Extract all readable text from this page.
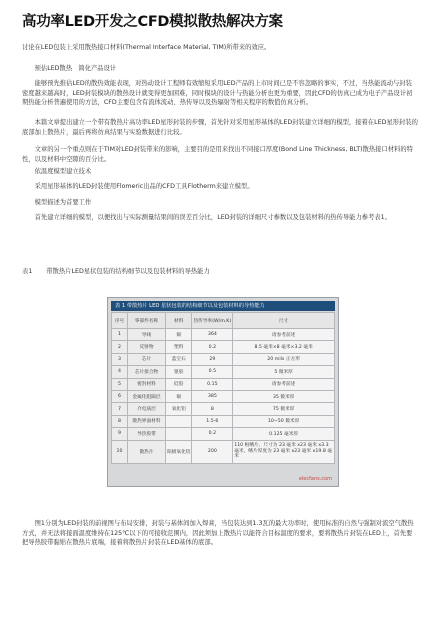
高功率LED开发之CFD模拟散热解决方案
讨论在LED包装上采用散热接口材料(Thermal Interface Material, TIM)所带来的效应。
预估LED散热　简化产品设计
能够预先推估LED的散热效能表现，对热动设计工程师有效缩短采用LED产品的上市时间已是不容忽略的事实，不过，当热能流动与封装密度越来越高时，LED封装模块的散热设计就变得更加困难，同时模块的设计与热能分析也更为重要，因此CFD的仿真已成为电子产品设计初期热能分析普遍使用的方法，CFD主要包含有流体流动、热传导以及热辐射等相关程序的数值仿真分析。
本篇文章提出建立一个带有散热片高功率LED星形封装的步骤，首先针对采用星形基体的LED封装建立详细的模型，接着在LED星形封装的底部加上散热片，最后再将仿真结果与实验数据进行比较。
文章的另一个重点则在于TIM对LED封装带来的影响，主要目的是用来找出不同接口厚度(Bond Line Thickness, BLT)散热接口材料的特性，以及材料中空隙的百分比。
依温度模型建立技术
采用星形基体的LED封装使用Flomeric出品的CFD工具Flotherm来建立模型。
模型描述为首要工作
首先建立详细的模型，以便找出与实际测量结果间的误差百分比，LED封装的详细尺寸参数以及包装材料的热传导能力参考表1。
表1 带散热片LED星状包装的结构细节以及包装材料的导热能力
表 1 带散热片 LED 星状包装的结构细节以及包装材料的导热能力
序号	零部件名称	材料	热传导率(W/m.K)	尺寸
1	导线	铜	364	请参考前述
2	反射物	塑料	0.2	8.5 毫米×8 毫米×3.2 毫米
3	芯片	蓝宝石	29	20 mils 正方形
4	芯片接合物	银胶	0.5	5 微米厚
5	密封材料	硅胶	0.15	请参考前述
6	金属化阻隔层	铜	385	35 微米厚
7	介电质层	氧化铝	8	75 微米厚
8	散热界面材料		1.5-6	10~50 微米厚
9	导热胶带		0.2	0.125 毫米厚
10	散热片	阳极氧化铝	200	110 根鳍片，尺寸为 23 毫米 x23 毫米 x3.3 毫米，鳍片厚度为 23 毫米 x23 毫米 x19.8 毫米
elecfans.com
图1分别为LED封装的前视图与布局安排，封装与基体间加入焊膏，当包装达到1.3瓦的最大功率时，使用标准的自然与强制对流空气散热方式，并无法将接面温度维持在125℃以下的可接收范围内，因此须加上散热片以能符合目标温度的要求，要将散热片封装在LED上，首先要把导热胶带黏贴在散热片底端，接着将散热片封装在LED基体的底部。
